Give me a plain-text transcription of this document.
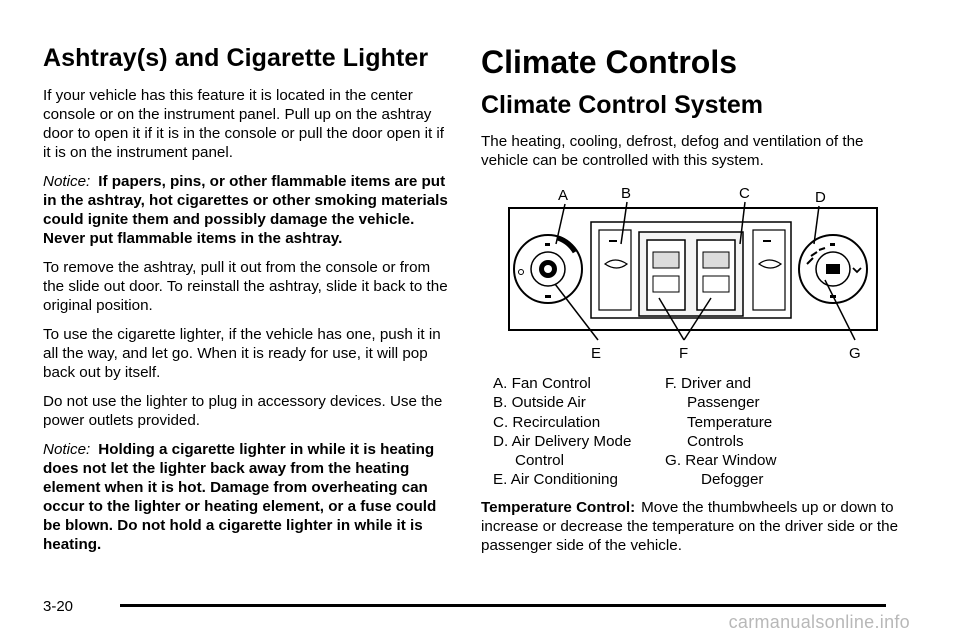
Ashtray(s) and Cigarette Lighter

If your vehicle has this feature it is located in the center console or on the instrument panel. Pull up on the ashtray door to open it if it is in the console or pull the door open it if it is on the instrument panel.

Notice: If papers, pins, or other flammable items are put in the ashtray, hot cigarettes or other smoking materials could ignite them and possibly damage the vehicle. Never put flammable items in the ashtray.

To remove the ashtray, pull it out from the console or from the slide out door. To reinstall the ashtray, slide it back to the original position.

To use the cigarette lighter, if the vehicle has one, push it in all the way, and let go. When it is ready for use, it will pop back out by itself.

Do not use the lighter to plug in accessory devices. Use the power outlets provided.

Notice: Holding a cigarette lighter in while it is heating does not let the lighter back away from the heating element when it is hot. Damage from overheating can occur to the lighter or heating element, or a fuse could be blown. Do not hold a cigarette lighter in while it is heating.

Climate Controls
Climate Control System

The heating, cooling, defrost, defog and ventilation of the vehicle can be controlled with this system.

A	B	C	D
E	F	G
A. Fan Control
B. Outside Air
C. Recirculation
D. Air Delivery Mode
Control
E. Air Conditioning
F. Driver and
Passenger
Temperature
Controls
G. Rear Window
Defogger

Temperature Control: Move the thumbwheels up or down to increase or decrease the temperature on the driver side or the passenger side of the vehicle.

3-20
carmanualsonline.info
